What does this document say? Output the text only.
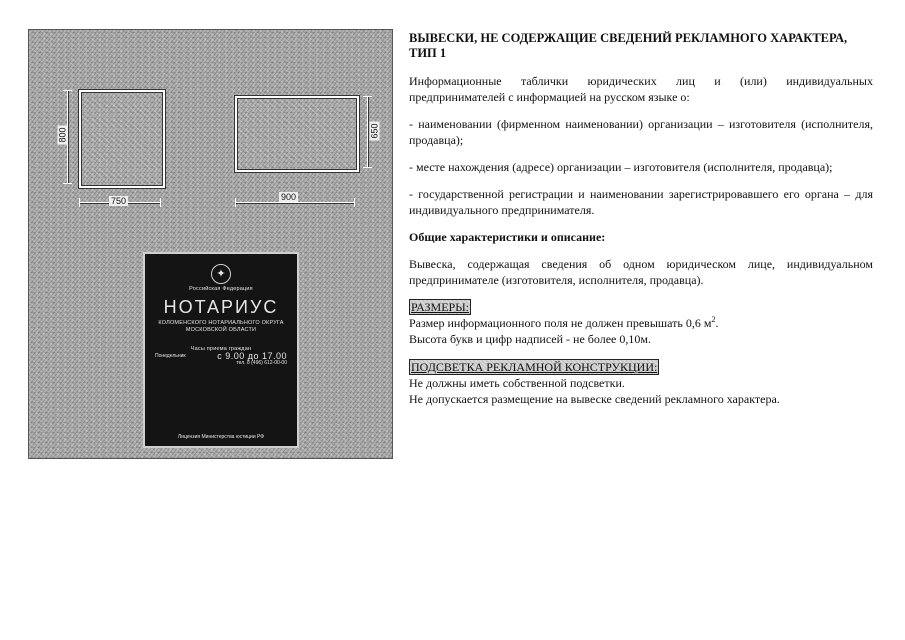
800
750
650
900
✦
Российская Федерация
НОТАРИУС
КОЛОМЕНСКОГО НОТАРИАЛЬНОГО ОКРУГА
МОСКОВСКОЙ ОБЛАСТИ
Часы приема граждан
Понедельник	с 9.00 до 17.00
тел. 8 (496) 612-00-00
Лицензия Министерства юстиции РФ
ВЫВЕСКИ, НЕ СОДЕРЖАЩИЕ СВЕДЕНИЙ РЕКЛАМНОГО ХАРАКТЕРА, ТИП 1
Информационные таблички юридических лиц и (или) индивидуальных предпринимателей с информацией на русском языке о:
- наименовании (фирменном наименовании) организации – изготовителя (исполнителя, продавца);
- месте нахождения (адресе) организации – изготовителя (исполнителя, продавца);
- государственной регистрации и наименовании зарегистрировавшего его органа – для индивидуального предпринимателя.
Общие характеристики и описание:
Вывеска, содержащая сведения об одном юридическом лице, индивидуальном предпринимателе (изготовителя, исполнителя, продавца).
РАЗМЕРЫ:
Размер информационного поля не должен превышать 0,6 $м^2$.
Высота букв и цифр надписей - не более 0,10м.
ПОДСВЕТКА РЕКЛАМНОЙ КОНСТРУКЦИИ:
Не должны иметь собственной подсветки.
Не допускается размещение на вывеске сведений рекламного характера.
